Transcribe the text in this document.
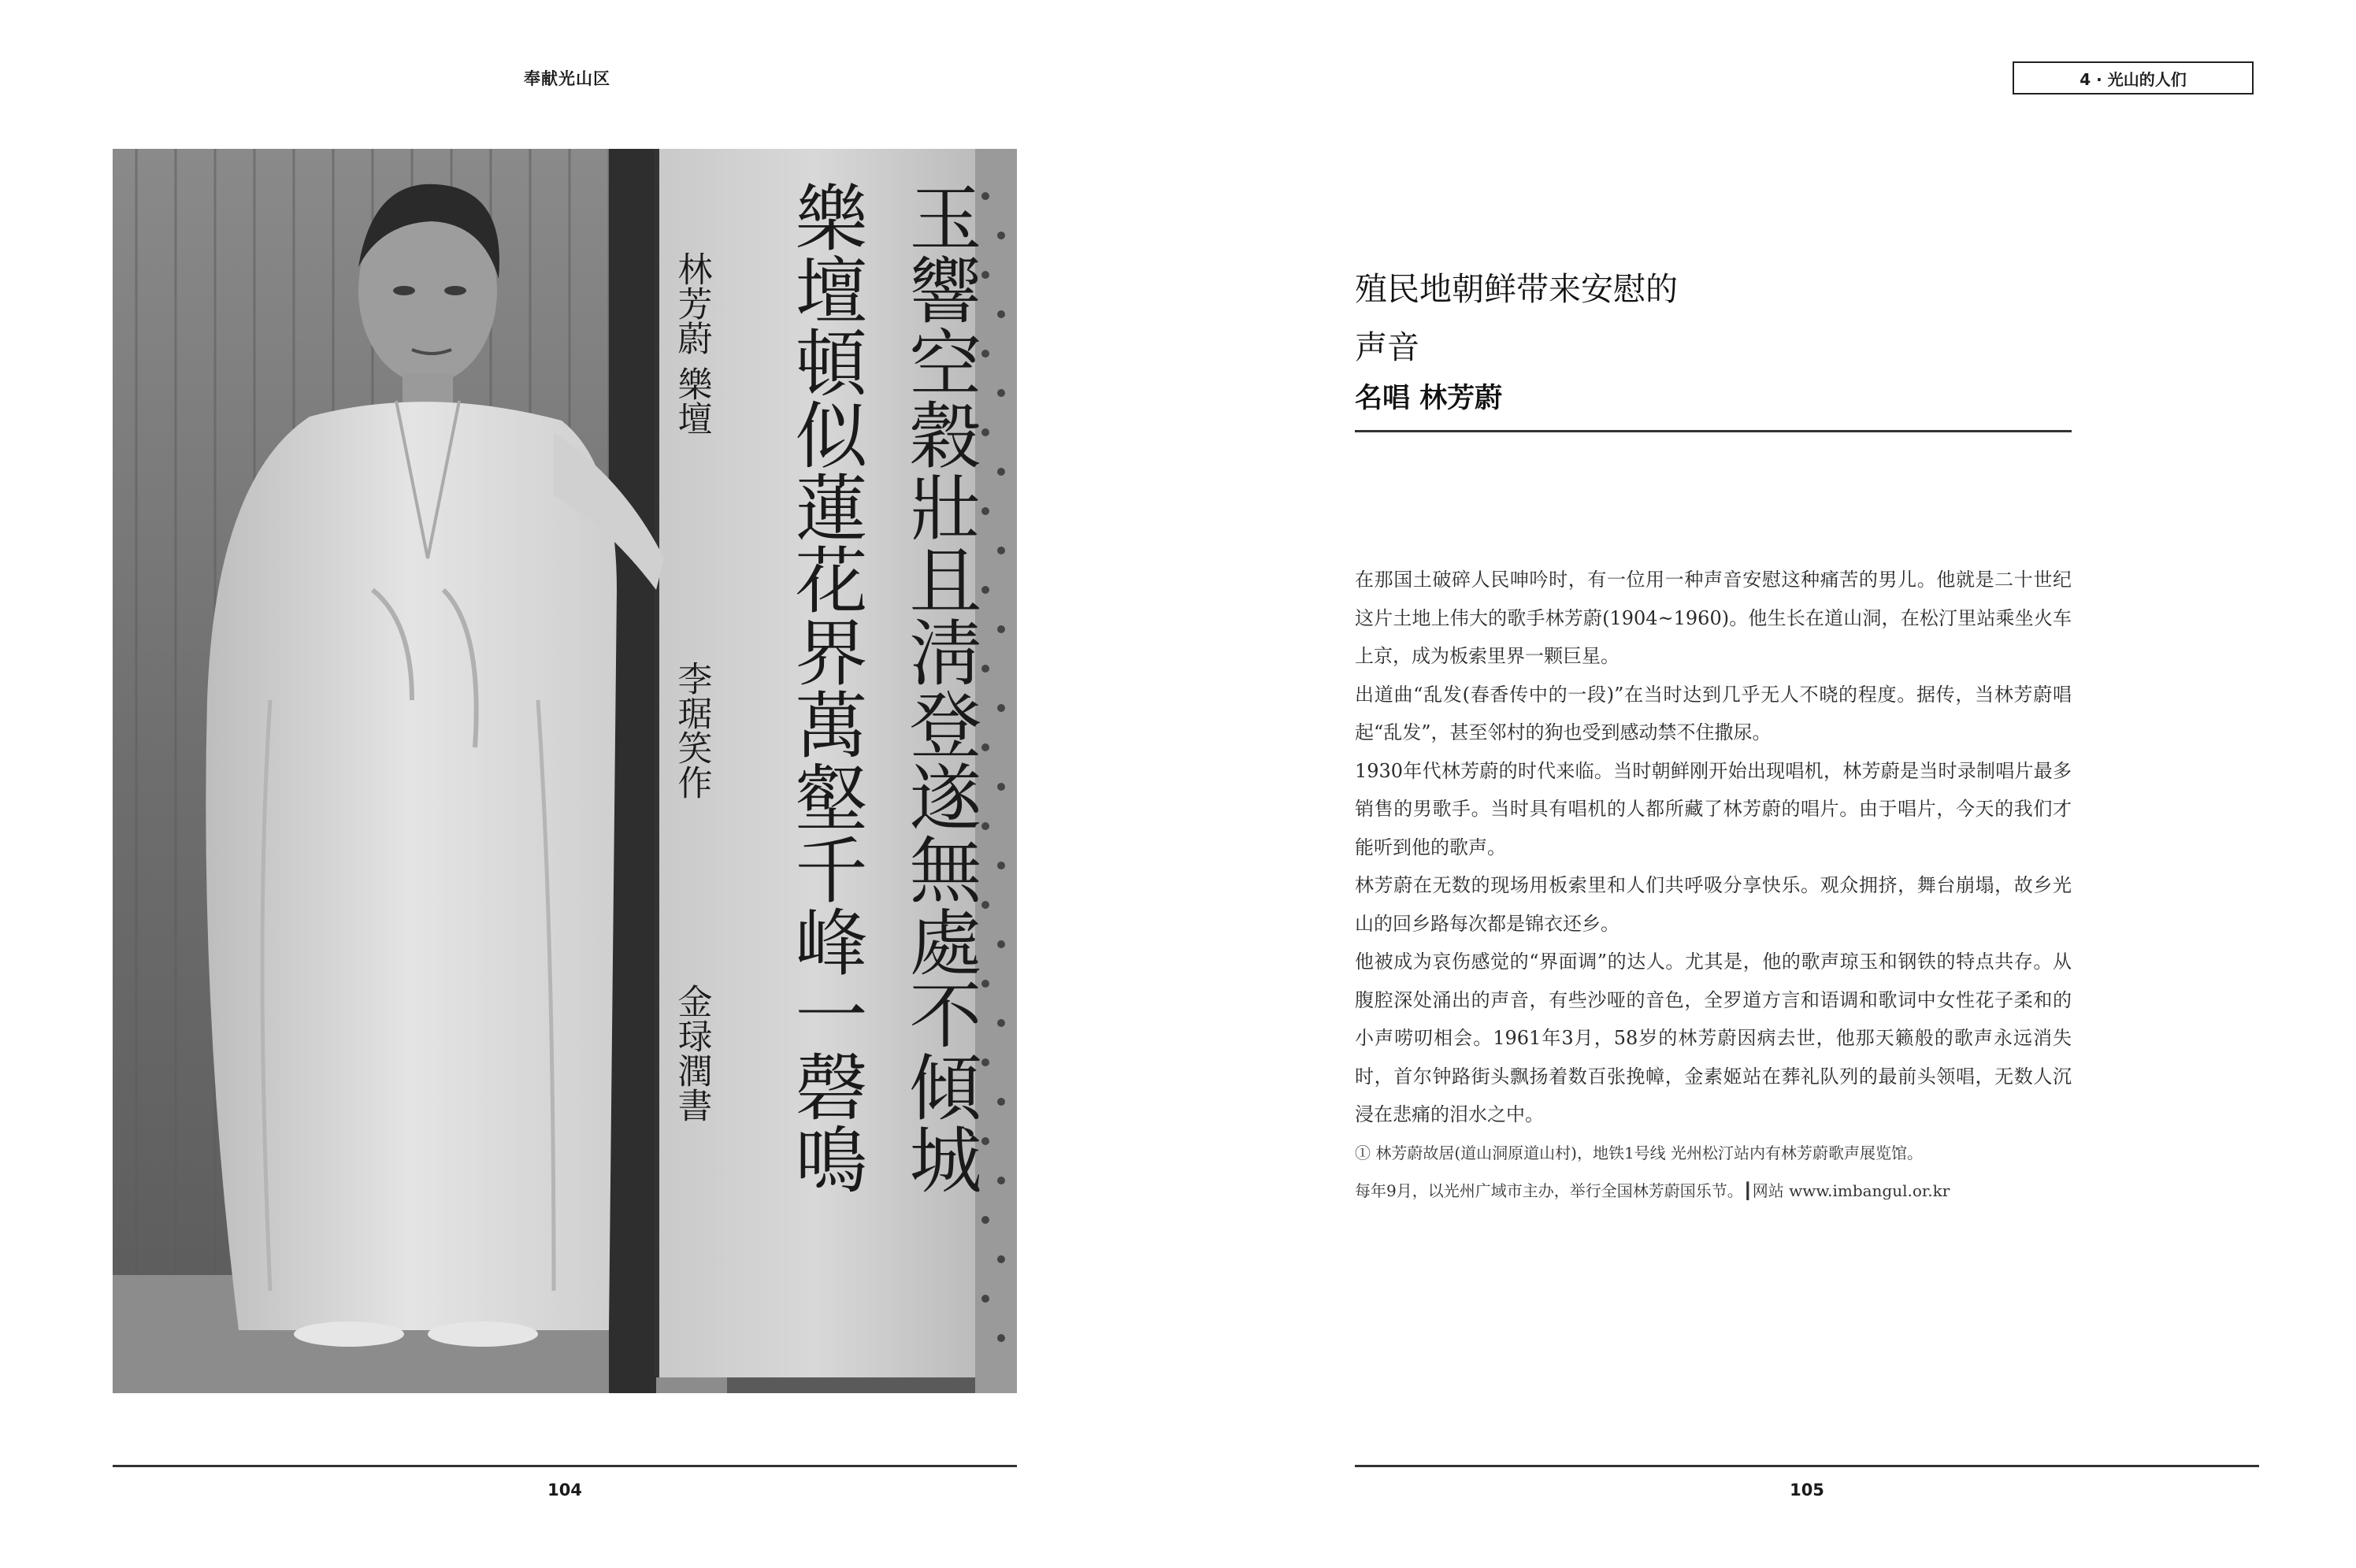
奉献光山区
玉響空穀壯且淸登遂無處不傾城
樂壇頓似蓮花界萬壑千峰一磬鳴
林芳蔚 樂壇
李琚笑作
金琭潤書
104
4 · 光山的人们
殖民地朝鲜带来安慰的
声音
名唱 林芳蔚

在那国土破碎人民呻吟时，有一位用一种声音安慰这种痛苦的男儿。他就是二十世纪这片土地上伟大的歌手林芳蔚(1904~1960)。他生长在道山洞，在松汀里站乘坐火车上京，成为板索里界一颗巨星。

出道曲“乱发(春香传中的一段)”在当时达到几乎无人不晓的程度。据传，当林芳蔚唱起“乱发”，甚至邻村的狗也受到感动禁不住撒尿。

1930年代林芳蔚的时代来临。当时朝鲜刚开始出现唱机，林芳蔚是当时录制唱片最多销售的男歌手。当时具有唱机的人都所藏了林芳蔚的唱片。由于唱片，今天的我们才能听到他的歌声。

林芳蔚在无数的现场用板索里和人们共呼吸分享快乐。观众拥挤，舞台崩塌，故乡光山的回乡路每次都是锦衣还乡。

他被成为哀伤感觉的“界面调”的达人。尤其是，他的歌声琼玉和钢铁的特点共存。从腹腔深处涌出的声音，有些沙哑的音色，全罗道方言和语调和歌词中女性花子柔和的小声唠叨相会。1961年3月，58岁的林芳蔚因病去世，他那天籁般的歌声永远消失时，首尔钟路街头飘扬着数百张挽幛，金素姬站在葬礼队列的最前头领唱，无数人沉浸在悲痛的泪水之中。

① 林芳蔚故居(道山洞原道山村)，地铁1号线 光州松汀站内有林芳蔚歌声展览馆。
每年9月，以光州广域市主办，举行全国林芳蔚国乐节。┃网站 www.imbangul.or.kr
105
